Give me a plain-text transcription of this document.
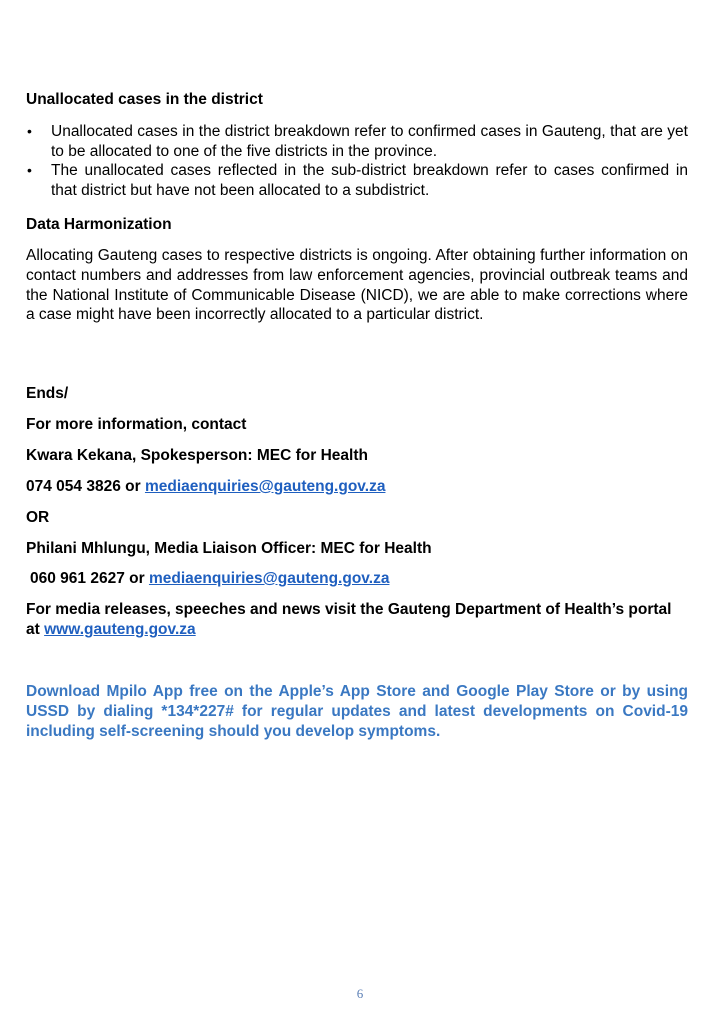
Unallocated cases in the district
• Unallocated cases in the district breakdown refer to confirmed cases in Gauteng, that are yet to be allocated to one of the five districts in the province.
• The unallocated cases reflected in the sub-district breakdown refer to cases confirmed in that district but have not been allocated to a subdistrict.
Data Harmonization

Allocating Gauteng cases to respective districts is ongoing. After obtaining further information on contact numbers and addresses from law enforcement agencies, provincial outbreak teams and the National Institute of Communicable Disease (NICD), we are able to make corrections where a case might have been incorrectly allocated to a particular district.

Ends/

For more information, contact

Kwara Kekana, Spokesperson: MEC for Health

074 054 3826 or mediaenquiries@gauteng.gov.za

OR

Philani Mhlungu, Media Liaison Officer: MEC for Health

060 961 2627 or mediaenquiries@gauteng.gov.za

For media releases, speeches and news visit the Gauteng Department of Health’s portal at www.gauteng.gov.za

Download Mpilo App free on the Apple’s App Store and Google Play Store or by using USSD by dialing *134*227# for regular updates and latest developments on Covid-19 including self-screening should you develop symptoms.

6
